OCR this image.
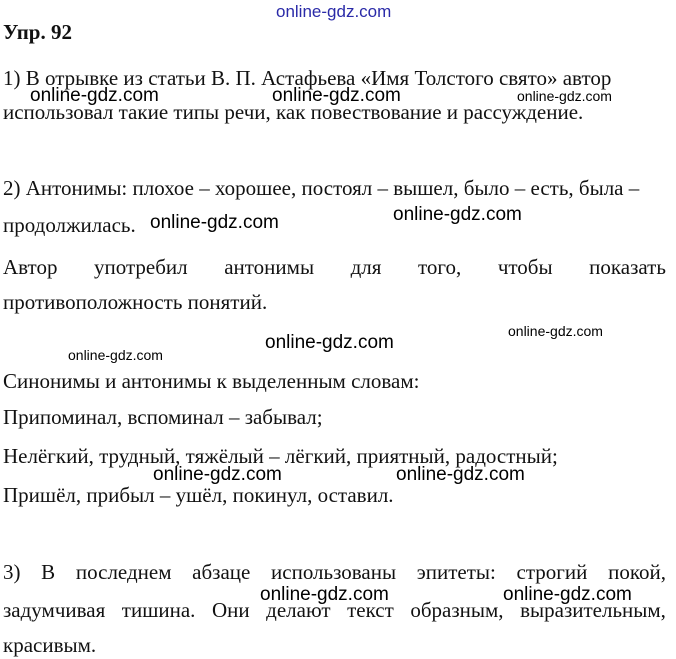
online-gdz.com
Упр. 92
1) В отрывке из статьи В. П. Астафьева «Имя Толстого свято» автор
online-gdz.com	online-gdz.com	online-gdz.com
использовал такие типы речи, как повествование и рассуждение.
2) Антонимы: плохое – хорошее, постоял – вышел, было – есть, была –
продолжилась. online-gdz.com	online-gdz.com
Автор употребил антонимы для того, чтобы показать
противоположность понятий.
online-gdz.com
online-gdz.com
online-gdz.com
Синонимы и антонимы к выделенным словам:
Припоминал, вспоминал – забывал;
Нелёгкий, трудный, тяжёлый – лёгкий, приятный, радостный;
online-gdz.com	online-gdz.com
Пришёл, прибыл – ушёл, покинул, оставил.
3) В последнем абзаце использованы эпитеты: строгий покой,
online-gdz.com	online-gdz.com
задумчивая тишина. Они делают текст образным, выразительным,
красивым.
